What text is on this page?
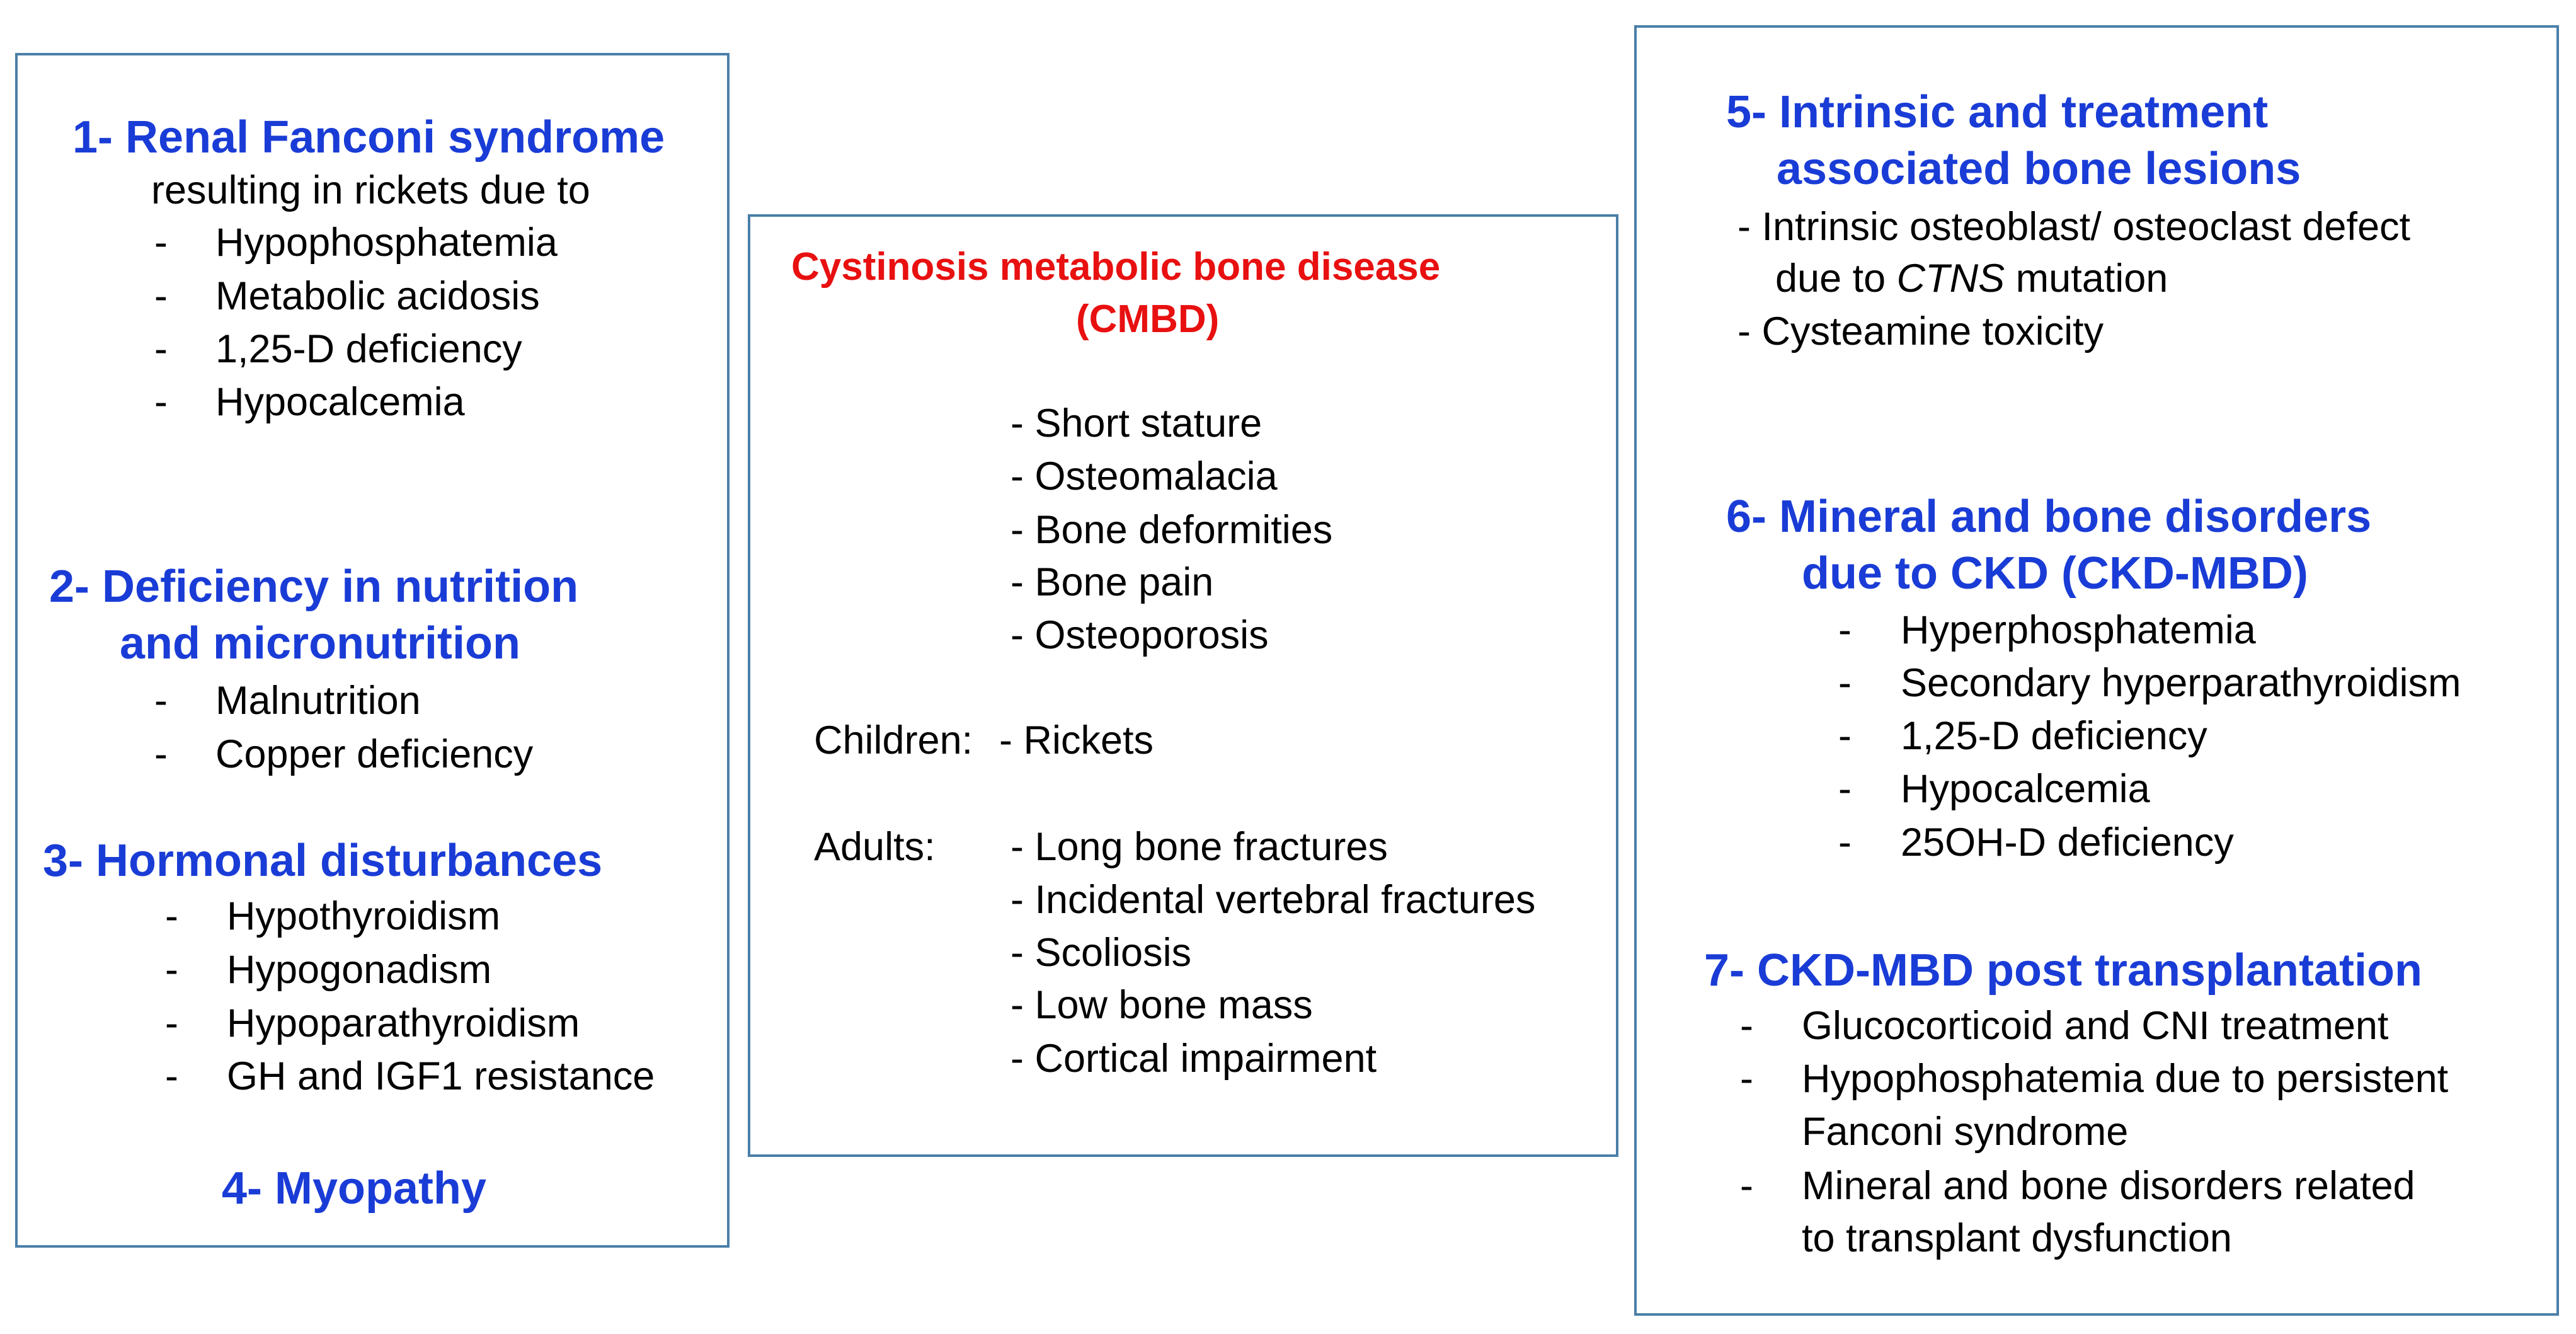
1- Renal Fanconi syndrome
resulting in rickets due to
- Hypophosphatemia
- Metabolic acidosis
- 1,25-D deficiency
- Hypocalcemia
2- Deficiency in nutrition
and micronutrition
- Malnutrition
- Copper deficiency
3- Hormonal disturbances
- Hypothyroidism
- Hypogonadism
- Hypoparathyroidism
- GH and IGF1 resistance
4- Myopathy
Cystinosis metabolic bone disease
(CMBD)
- Short stature
- Osteomalacia
- Bone deformities
- Bone pain
- Osteoporosis
Children: - Rickets
Adults: - Long bone fractures
- Incidental vertebral fractures
- Scoliosis
- Low bone mass
- Cortical impairment
5- Intrinsic and treatment
associated bone lesions
- Intrinsic osteoblast/ osteoclast defect
due to CTNS mutation
- Cysteamine toxicity
6- Mineral and bone disorders
due to CKD (CKD-MBD)
- Hyperphosphatemia
- Secondary hyperparathyroidism
- 1,25-D deficiency
- Hypocalcemia
- 25OH-D deficiency
7- CKD-MBD post transplantation
- Glucocorticoid and CNI treatment
- Hypophosphatemia due to persistent
Fanconi syndrome
- Mineral and bone disorders related
to transplant dysfunction
